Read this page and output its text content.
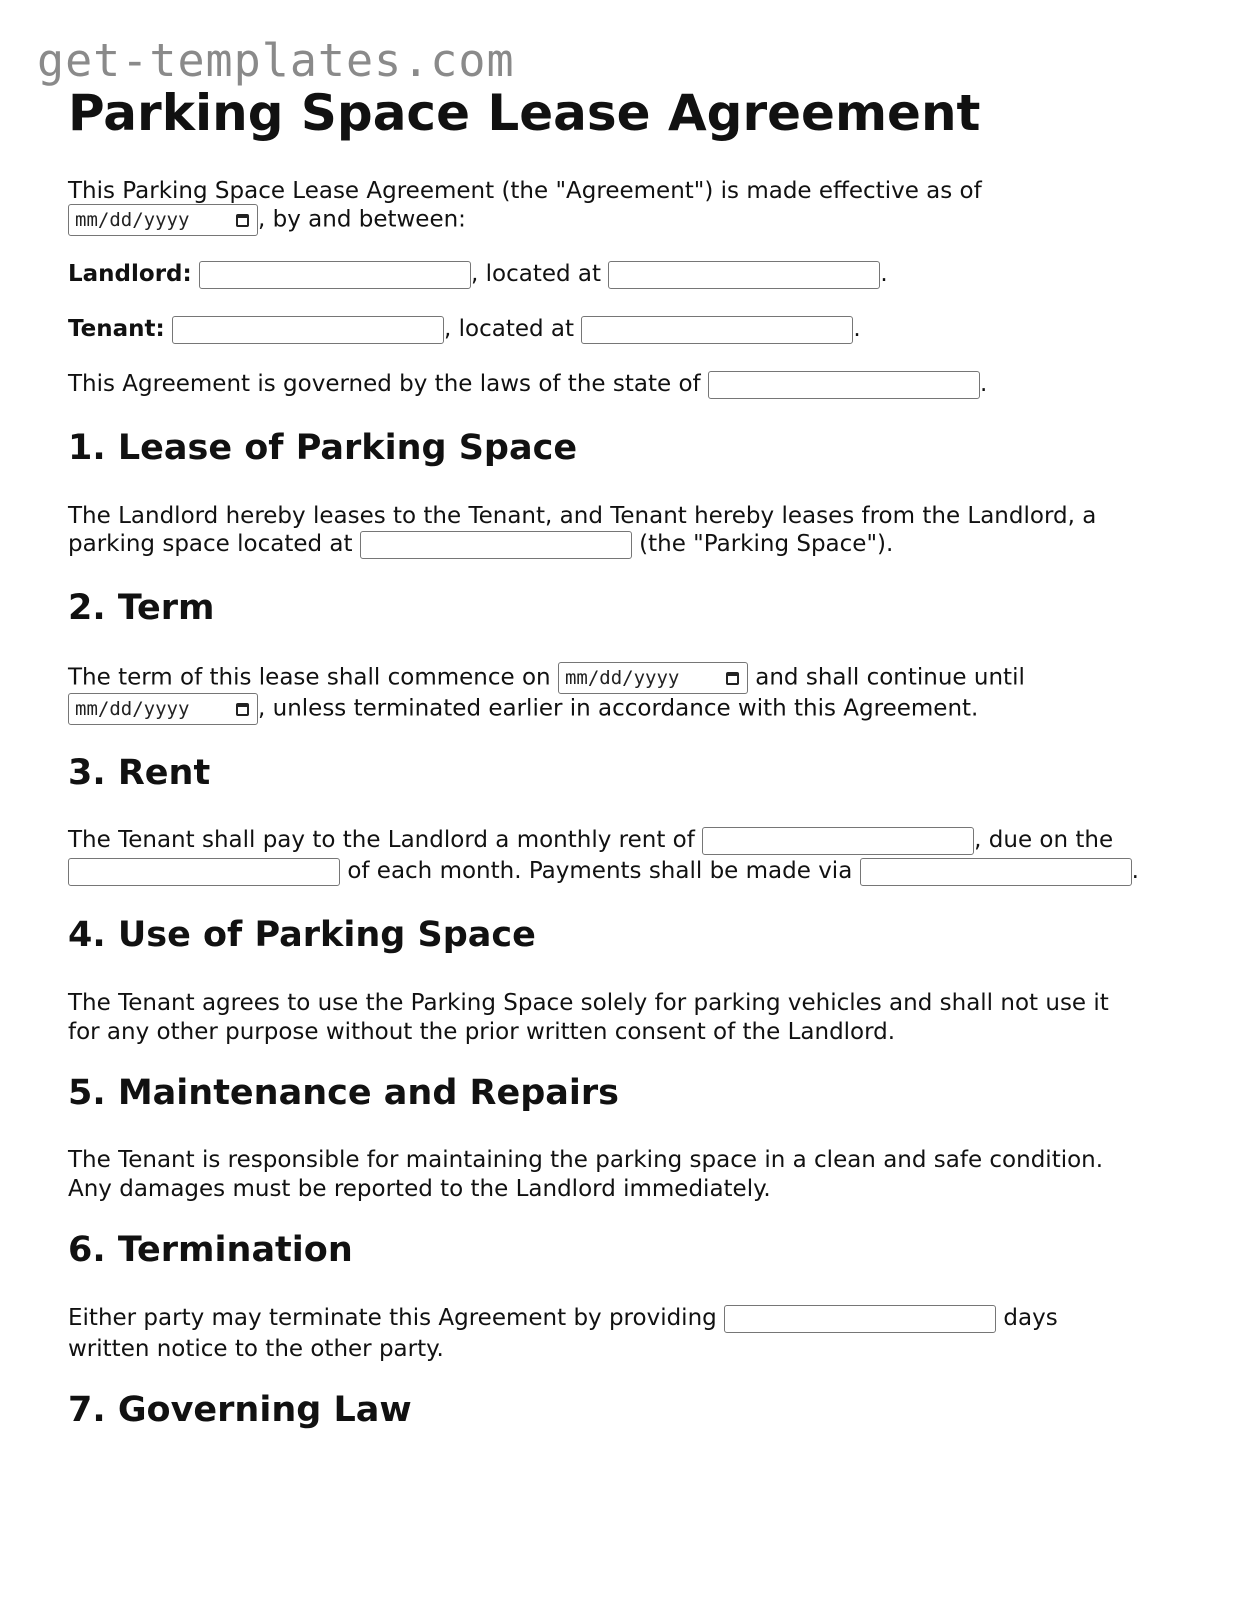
get-templates.com
Parking Space Lease Agreement

This Parking Space Lease Agreement (the "Agreement") is made effective as of

mm/dd/yyyy	, by and between:

Landlord:	, located at	.

Tenant:	, located at	.

This Agreement is governed by the laws of the state of	.

1. Lease of Parking Space

The Landlord hereby leases to the Tenant, and Tenant hereby leases from the Landlord, a

parking space located at	(the "Parking Space").

2. Term

The term of this lease shall commence on mm/dd/yyyy	and shall continue until

mm/dd/yyyy	, unless terminated earlier in accordance with this Agreement.

3. Rent

The Tenant shall pay to the Landlord a monthly rent of	, due on the

of each month. Payments shall be made via	.

4. Use of Parking Space

The Tenant agrees to use the Parking Space solely for parking vehicles and shall not use it

for any other purpose without the prior written consent of the Landlord.

5. Maintenance and Repairs

The Tenant is responsible for maintaining the parking space in a clean and safe condition.

Any damages must be reported to the Landlord immediately.

6. Termination

Either party may terminate this Agreement by providing	days

written notice to the other party.

7. Governing Law
